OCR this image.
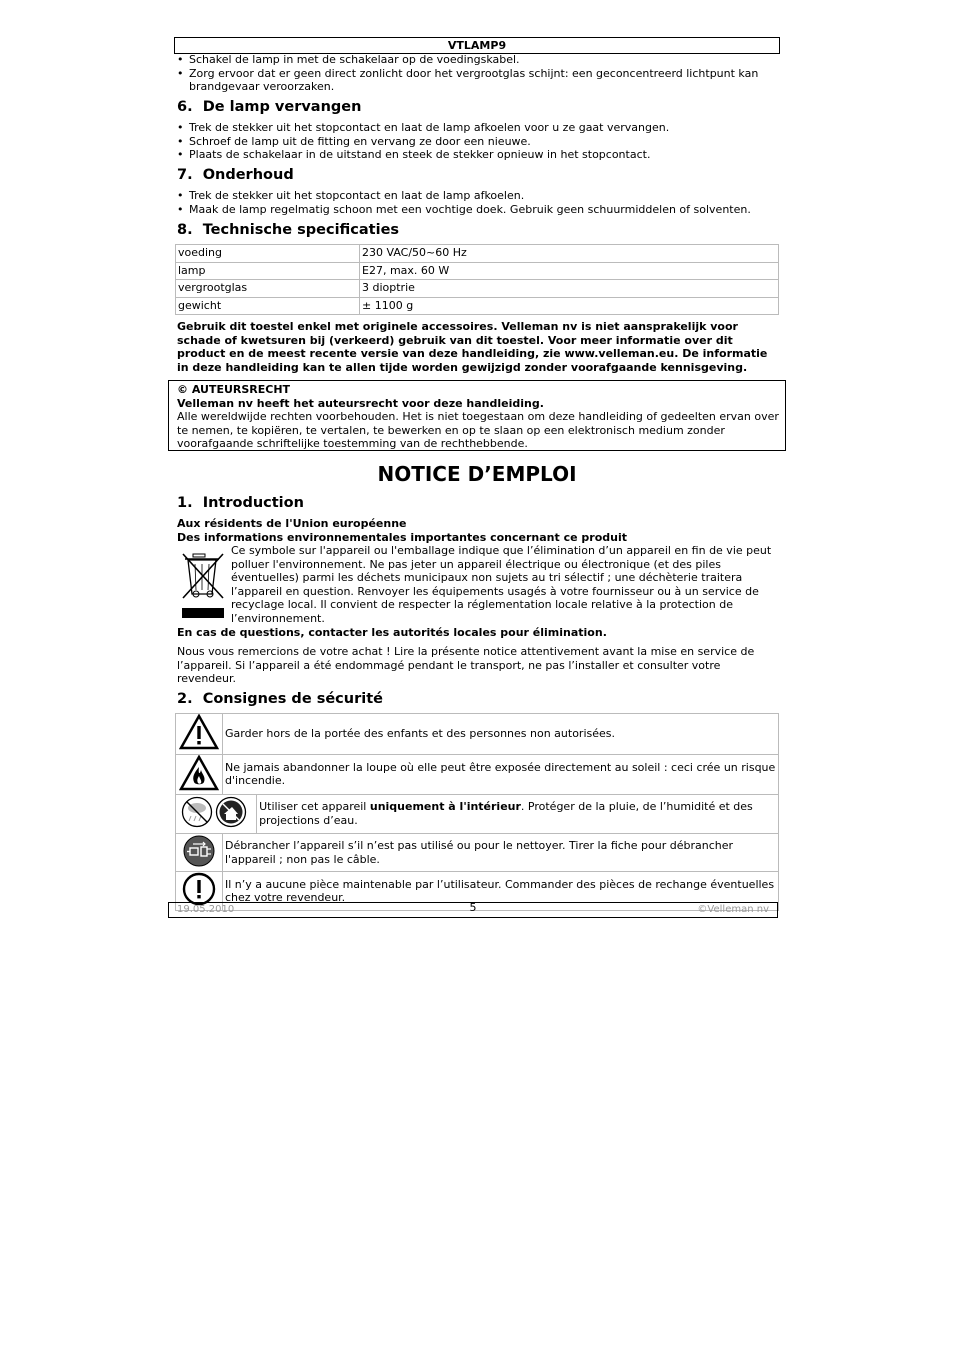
VTLAMP9
• Schakel de lamp in met de schakelaar op de voedingskabel.
• Zorg ervoor dat er geen direct zonlicht door het vergrootglas schijnt: een geconcentreerd lichtpunt kan brandgevaar veroorzaken.
6.  De lamp vervangen
• Trek de stekker uit het stopcontact en laat de lamp afkoelen voor u ze gaat vervangen.
• Schroef de lamp uit de fitting en vervang ze door een nieuwe.
• Plaats de schakelaar in de uitstand en steek de stekker opnieuw in het stopcontact.
7.  Onderhoud
• Trek de stekker uit het stopcontact en laat de lamp afkoelen.
• Maak de lamp regelmatig schoon met een vochtige doek. Gebruik geen schuurmiddelen of solventen.
8.  Technische specificaties
voeding	230 VAC/50~60 Hz
lamp	E27, max. 60 W
vergrootglas	3 dioptrie
gewicht	± 1100 g
Gebruik dit toestel enkel met originele accessoires. Velleman nv is niet aansprakelijk voor schade of kwetsuren bij (verkeerd) gebruik van dit toestel. Voor meer informatie over dit product en de meest recente versie van deze handleiding, zie www.velleman.eu. De informatie in deze handleiding kan te allen tijde worden gewijzigd zonder voorafgaande kennisgeving.
© AUTEURSRECHT
Velleman nv heeft het auteursrecht voor deze handleiding.
Alle wereldwijde rechten voorbehouden. Het is niet toegestaan om deze handleiding of gedeelten ervan over te nemen, te kopiëren, te vertalen, te bewerken en op te slaan op een elektronisch medium zonder voorafgaande schriftelijke toestemming van de rechthebbende.
NOTICE D’EMPLOI
1.  Introduction
Aux résidents de l'Union européenne
Des informations environnementales importantes concernant ce produit
Ce symbole sur l'appareil ou l'emballage indique que l’élimination d’un appareil en fin de vie peut polluer l'environnement. Ne pas jeter un appareil électrique ou électronique (et des piles éventuelles) parmi les déchets municipaux non sujets au tri sélectif ; une déchèterie traitera l’appareil en question. Renvoyer les équipements usagés à votre fournisseur ou à un service de recyclage local. Il convient de respecter la réglementation locale relative à la protection de l’environnement.
En cas de questions, contacter les autorités locales pour élimination.
Nous vous remercions de votre achat ! Lire la présente notice attentivement avant la mise en service de l’appareil. Si l’appareil a été endommagé pendant le transport, ne pas l’installer et consulter votre revendeur.
2.  Consignes de sécurité
	Garder hors de la portée des enfants et des personnes non autorisées.	
	Ne jamais abandonner la loupe où elle peut être exposée directement au soleil : ceci crée un risque d'incendie.	
	Utiliser cet appareil uniquement à l'intérieur. Protéger de la pluie, de l’humidité et des projections d’eau.
	Débrancher l’appareil s’il n’est pas utilisé ou pour le nettoyer. Tirer la fiche pour débrancher l'appareil ; non pas le câble.	
	Il n’y a aucune pièce maintenable par l’utilisateur. Commander des pièces de rechange éventuelles chez votre revendeur.	
19.05.2010	5	©Velleman nv
